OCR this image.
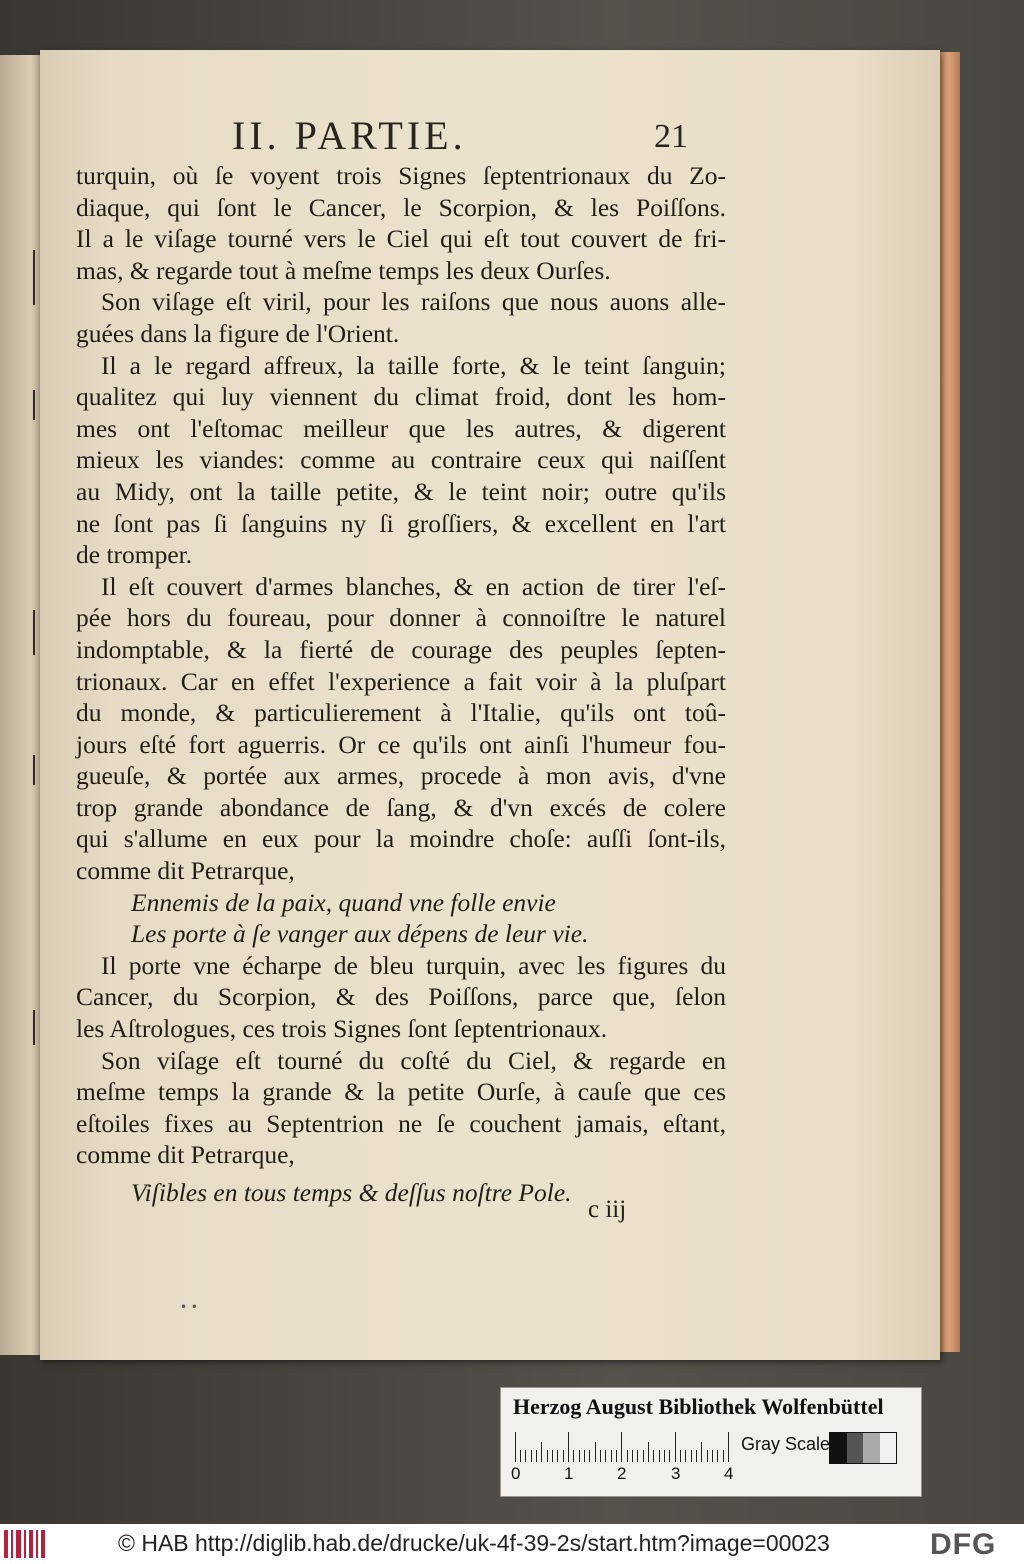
II. PARTIE.	21
turquin, où ſe voyent trois Signes ſeptentrionaux du Zo-
diaque, qui ſont le Cancer, le Scorpion, & les Poiſſons.
Il a le viſage tourné vers le Ciel qui eſt tout couvert de fri-
mas, & regarde tout à meſme temps les deux Ourſes.
Son viſage eſt viril, pour les raiſons que nous auons alle-
guées dans la figure de l'Orient.
Il a le regard affreux, la taille forte, & le teint ſanguin;
qualitez qui luy viennent du climat froid, dont les hom-
mes ont l'eſtomac meilleur que les autres, & digerent
mieux les viandes: comme au contraire ceux qui naiſſent
au Midy, ont la taille petite, & le teint noir; outre qu'ils
ne ſont pas ſi ſanguins ny ſi groſſiers, & excellent en l'art
de tromper.
Il eſt couvert d'armes blanches, & en action de tirer l'eſ-
pée hors du foureau, pour donner à connoiſtre le naturel
indomptable, & la fierté de courage des peuples ſepten-
trionaux. Car en effet l'experience a fait voir à la pluſpart
du monde, & particulierement à l'Italie, qu'ils ont toû-
jours eſté fort aguerris. Or ce qu'ils ont ainſi l'humeur fou-
gueuſe, & portée aux armes, procede à mon avis, d'vne
trop grande abondance de ſang, & d'vn excés de colere
qui s'allume en eux pour la moindre choſe: auſſi ſont-ils,
comme dit Petrarque,
Ennemis de la paix, quand vne folle envie
Les porte à ſe vanger aux dépens de leur vie.
Il porte vne écharpe de bleu turquin, avec les figures du
Cancer, du Scorpion, & des Poiſſons, parce que, ſelon
les Aſtrologues, ces trois Signes ſont ſeptentrionaux.
Son viſage eſt tourné du coſté du Ciel, & regarde en
meſme temps la grande & la petite Ourſe, à cauſe que ces
eſtoiles fixes au Septentrion ne ſe couchent jamais, eſtant,
comme dit Petrarque,
Viſibles en tous temps & deſſus noſtre Pole.
c iij
Herzog August Bibliothek Wolfenbüttel
0	1	2	3	4
Gray Scale
© HAB http://diglib.hab.de/drucke/uk-4f-39-2s/start.htm?image=00023	DFG
